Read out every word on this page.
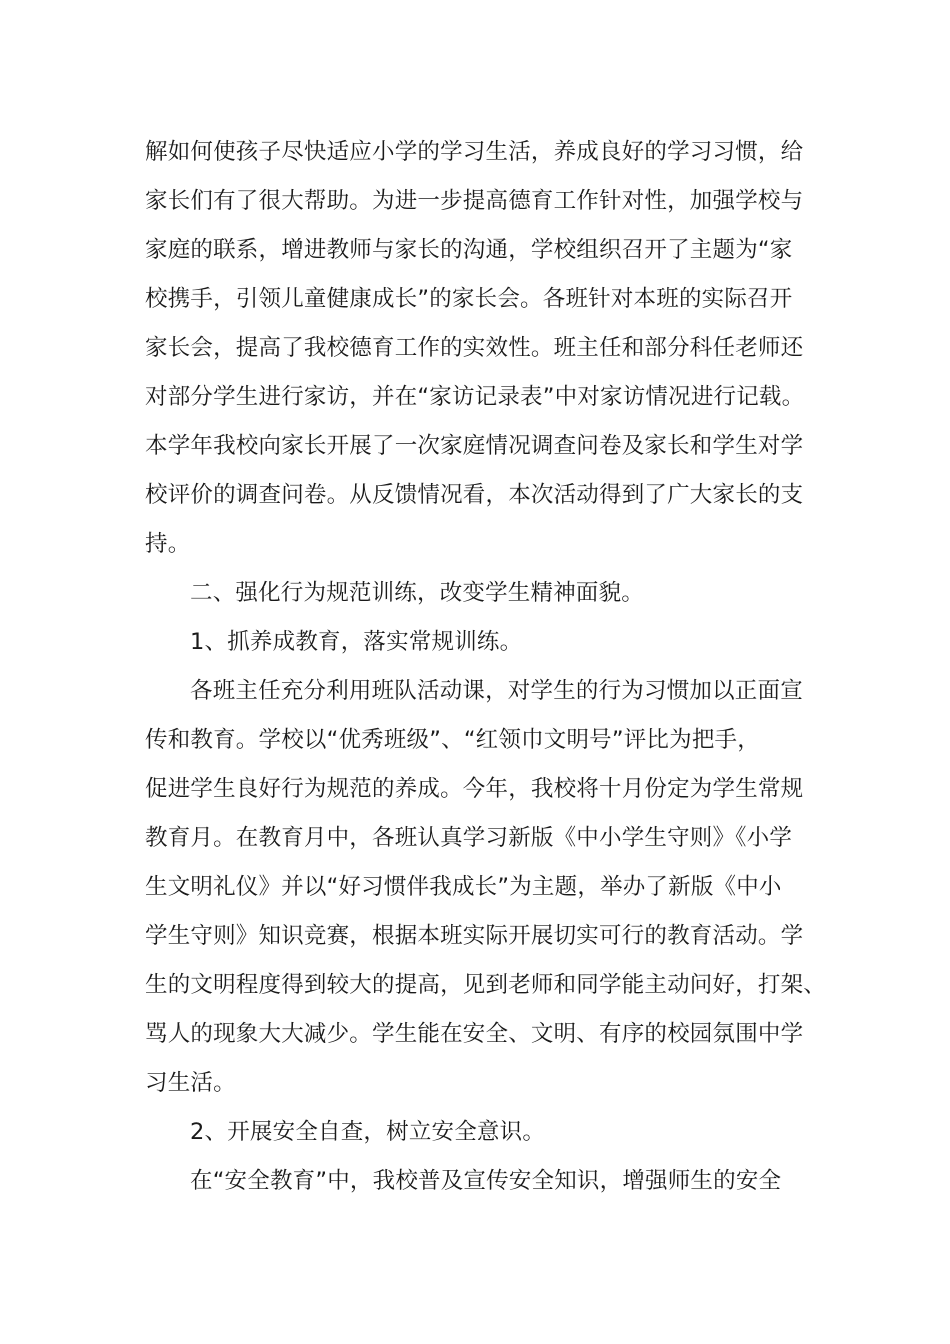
解如何使孩子尽快适应小学的学习生活，养成良好的学习习惯，给
家长们有了很大帮助。为进一步提高德育工作针对性，加强学校与
家庭的联系，增进教师与家长的沟通，学校组织召开了主题为“家
校携手，引领儿童健康成长”的家长会。各班针对本班的实际召开
家长会，提高了我校德育工作的实效性。班主任和部分科任老师还
对部分学生进行家访，并在“家访记录表”中对家访情况进行记载。
本学年我校向家长开展了一次家庭情况调查问卷及家长和学生对学
校评价的调查问卷。从反馈情况看，本次活动得到了广大家长的支
持。
二、强化行为规范训练，改变学生精神面貌。
1、抓养成教育，落实常规训练。
各班主任充分利用班队活动课，对学生的行为习惯加以正面宣
传和教育。学校以“优秀班级”、“红领巾文明号”评比为把手，
促进学生良好行为规范的养成。今年，我校将十月份定为学生常规
教育月。在教育月中，各班认真学习新版《中小学生守则》《小学
生文明礼仪》并以“好习惯伴我成长”为主题，举办了新版《中小
学生守则》知识竞赛，根据本班实际开展切实可行的教育活动。学
生的文明程度得到较大的提高，见到老师和同学能主动问好，打架、
骂人的现象大大减少。学生能在安全、文明、有序的校园氛围中学
习生活。
2、开展安全自查，树立安全意识。
在“安全教育”中，我校普及宣传安全知识，增强师生的安全
